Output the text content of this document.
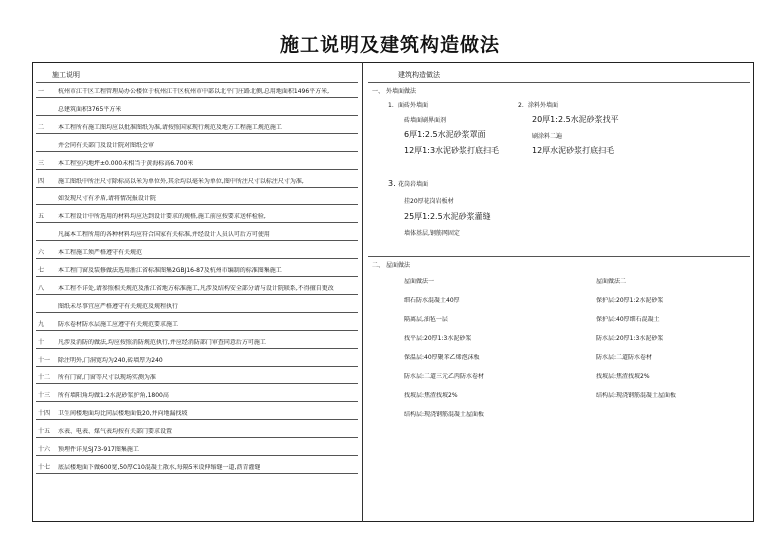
施工说明及建筑构造做法
施工说明
一 杭州市江干区工程管理局办公楼位于杭州江干区杭州市中部以北平门庄路北侧,总用地面积1496平方米,
总建筑面积3765平方米
二 本工程所有施工图均应以批准图纸为准,请按照国家现行规范及地方工程施工规范施工
并会同有关部门及设计院对图纸会审
三 本工程室内地坪±0.000未相当于黄海标高6.700米
四 施工图纸中所注尺寸除标高以米为单位外,其余均以毫米为单位,图中所注尺寸以标注尺寸为准,
如发现尺寸有矛盾,请将情况报设计院
五 本工程设计中所选用的材料均应达到设计要求的规格,施工前应按要求送样检验,
凡属本工程所用的各种材料均应符合国家有关标准,并经设计人员认可后方可使用
六 本工程施工须严格遵守有关规范
七 本工程门窗及装修做法选用浙江省标准图集2GBJ16-87及杭州市编制的标准图集施工
八 本工程不详处,请参照相关规范及浙江省地方标准施工,凡涉及结构安全部分请与设计院联系,不得擅自更改
图纸未尽事宜应严格遵守有关规范及规程执行
九 防水卷材防水层施工应遵守有关规范要求施工
十 凡涉及消防的做法,均应按照消防规范执行,并应经消防部门审查同意后方可施工
十一 除注明外,门洞宽均为240,砖墙厚为240
十二 所有门窗,门窗等尺寸以现场实测为准
十三 所有墙阳角均做1:2水泥砂浆护角,1800高
十四 卫生间楼地面均比同层楼地面低20,并向地漏找坡
十五 水表、电表、煤气表均按有关部门要求设置
十六 预埋件详见SJ73-917图集施工
十七 底层楼地面下做600宽,50厚C10混凝土散水,每隔5米设伸缩缝一道,沥青灌缝
建筑构造做法
一、 外墙面做法
1. 面砖外墙面
砖墙面刷界面剂
6厚1:2.5水泥砂浆罩面
12厚1:3水泥砂浆打底扫毛
2. 涂料外墙面
20厚1:2.5水泥砂浆找平
刷涂料二遍
12厚水泥砂浆打底扫毛
3. 花岗岩墙面
挂20厚花岗岩板材
25厚1:2.5水泥砂浆灌缝
墙体基层,钢筋网固定
二、 屋面做法
屋面做法一
细石防水混凝土40厚
隔离层,油毡一层
找平层:20厚1:3水泥砂浆
保温层:40厚聚苯乙烯泡沫板
防水层:二道三元乙丙防水卷材
找坡层:焦渣找坡2%
结构层:现浇钢筋混凝土屋面板
屋面做法二
保护层:20厚1:2水泥砂浆
保护层:40厚细石混凝土
防水层:20厚1:3水泥砂浆
防水层:二道防水卷材
找坡层:焦渣找坡2%
结构层:现浇钢筋混凝土屋面板
